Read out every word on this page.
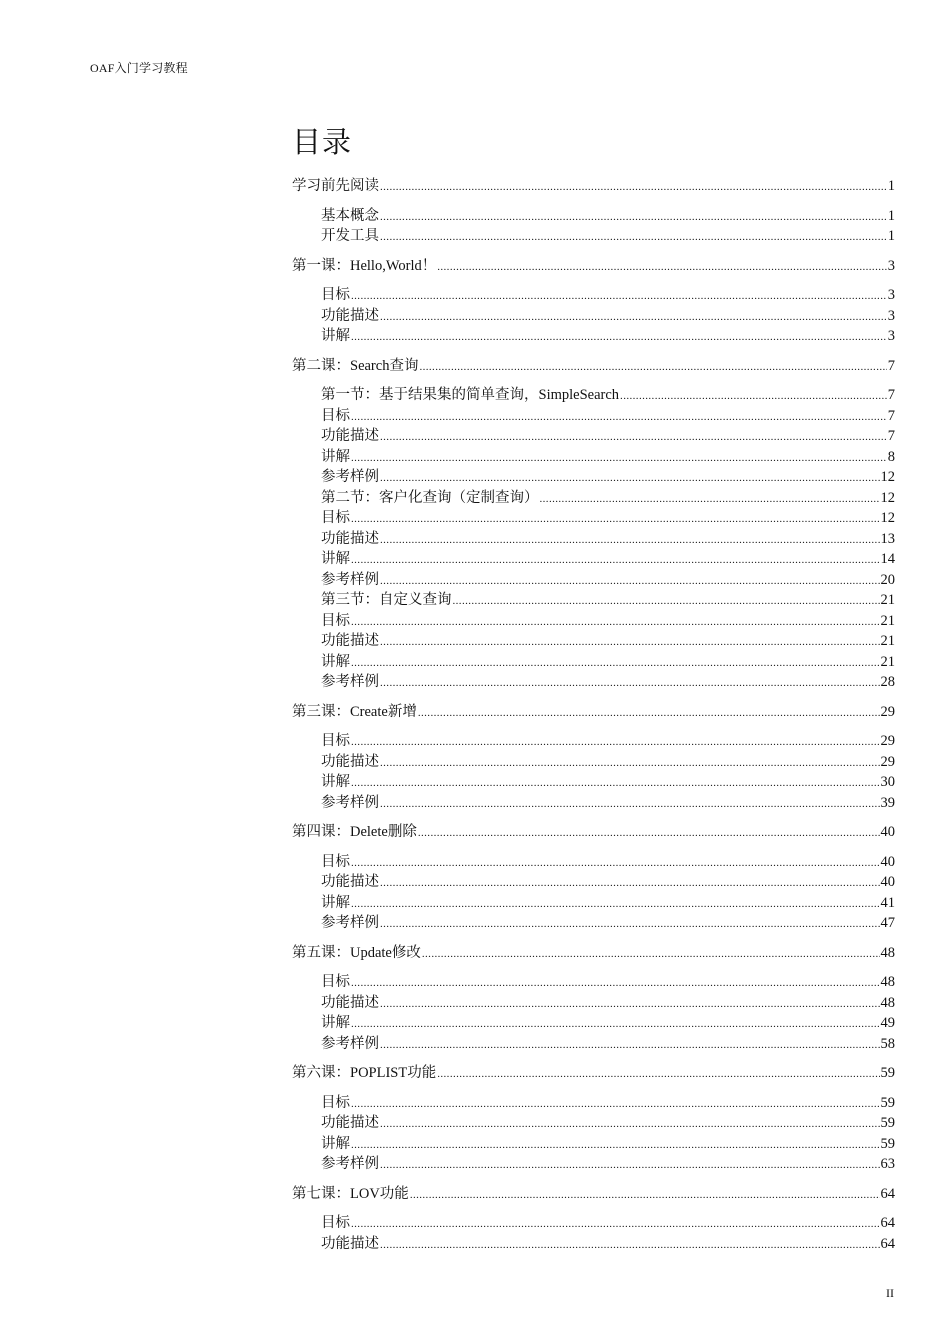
OAF入门学习教程
目录
学习前先阅读 .....	1
基本概念 .....	1
开发工具 .....	1
第一课：Hello,World！ .....	3
目标 .....	3
功能描述 .....	3
讲解 .....	3
第二课：Search查询 .....	7
第一节：基于结果集的简单查询，SimpleSearch .....	7
目标 .....	7
功能描述 .....	7
讲解 .....	8
参考样例 .....	12
第二节：客户化查询（定制查询） .....	12
目标 .....	12
功能描述 .....	13
讲解 .....	14
参考样例 .....	20
第三节：自定义查询 .....	21
目标 .....	21
功能描述 .....	21
讲解 .....	21
参考样例 .....	28
第三课：Create新增 .....	29
目标 .....	29
功能描述 .....	29
讲解 .....	30
参考样例 .....	39
第四课：Delete删除 .....	40
目标 .....	40
功能描述 .....	40
讲解 .....	41
参考样例 .....	47
第五课：Update修改 .....	48
目标 .....	48
功能描述 .....	48
讲解 .....	49
参考样例 .....	58
第六课：POPLIST功能 .....	59
目标 .....	59
功能描述 .....	59
讲解 .....	59
参考样例 .....	63
第七课：LOV功能 .....	64
目标 .....	64
功能描述 .....	64
II
